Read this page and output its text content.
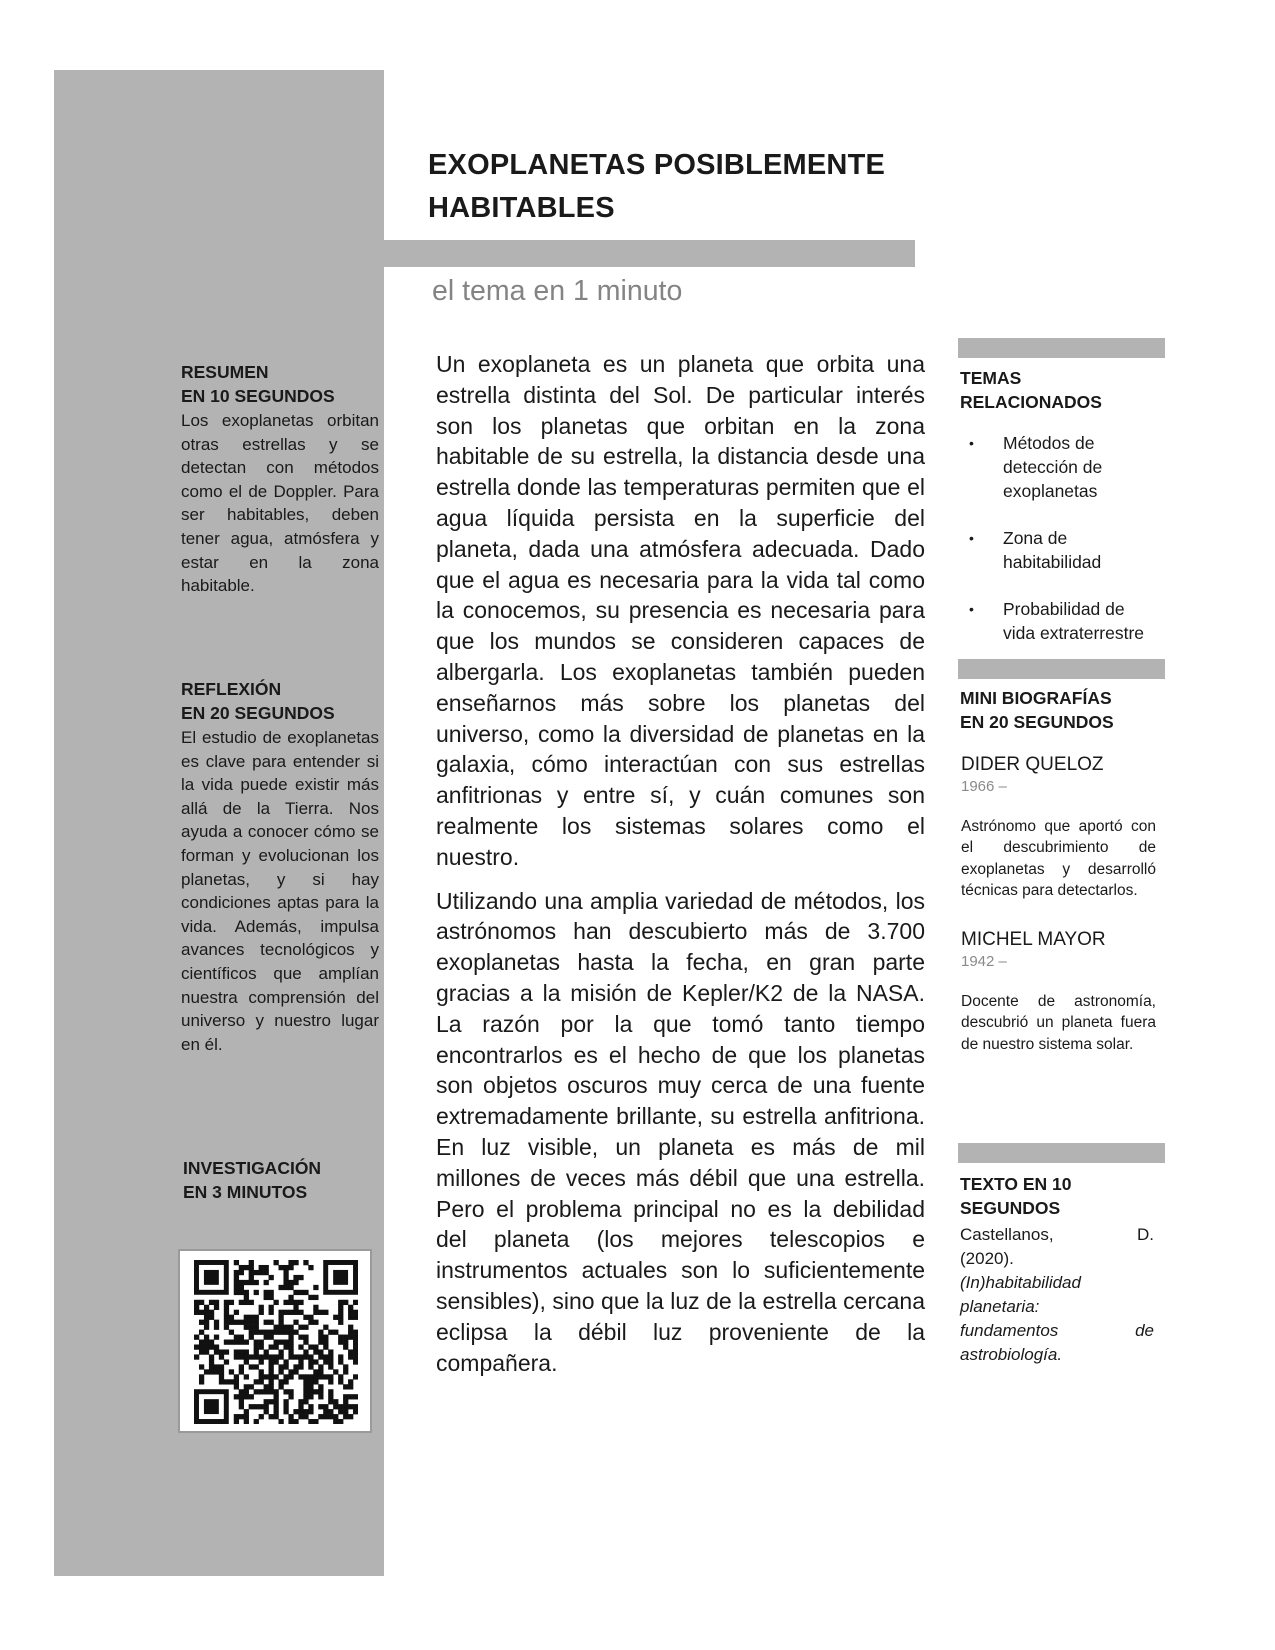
RESUMEN
EN 10 SEGUNDOS
Los exoplanetas orbitan otras estrellas y se detectan con métodos como el de Doppler. Para ser habitables, deben tener agua, atmósfera y estar en la zona habitable.
REFLEXIÓN
EN 20 SEGUNDOS
El estudio de exoplanetas es clave para entender si la vida puede existir más allá de la Tierra. Nos ayuda a conocer cómo se forman y evolucionan los planetas, y si hay condiciones aptas para la vida. Además, impulsa avances tecnológicos y científicos que amplían nuestra comprensión del universo y nuestro lugar en él.
INVESTIGACIÓN
EN 3 MINUTOS
EXOPLANETAS POSIBLEMENTE
HABITABLES
el tema en 1 minuto

Un exoplaneta es un planeta que orbita una estrella distinta del Sol. De particular interés son los planetas que orbitan en la zona habitable de su estrella, la distancia desde una estrella donde las temperaturas permiten que el agua líquida persista en la superficie del planeta, dada una atmósfera adecuada. Dado que el agua es necesaria para la vida tal como la conocemos, su presencia es necesaria para que los mundos se consideren capaces de albergarla. Los exoplanetas también pueden enseñarnos más sobre los planetas del universo, como la diversidad de planetas en la galaxia, cómo interactúan con sus estrellas anfitrionas y entre sí, y cuán comunes son realmente los sistemas solares como el nuestro.

Utilizando una amplia variedad de métodos, los astrónomos han descubierto más de 3.700 exoplanetas hasta la fecha, en gran parte gracias a la misión de Kepler/K2 de la NASA. La razón por la que tomó tanto tiempo encontrarlos es el hecho de que los planetas son objetos oscuros muy cerca de una fuente extremadamente brillante, su estrella anfitriona. En luz visible, un planeta es más de mil millones de veces más débil que una estrella. Pero el problema principal no es la debilidad del planeta (los mejores telescopios e instrumentos actuales son lo suficientemente sensibles), sino que la luz de la estrella cercana eclipsa la débil luz proveniente de la compañera.

TEMAS
RELACIONADOS
• Métodos de
detección de
exoplanetas
• Zona de
habitabilidad
• Probabilidad de
vida extraterrestre
MINI BIOGRAFÍAS
EN 20 SEGUNDOS
DIDER QUELOZ
1966 –
Astrónomo que aportó con el descubrimiento de exoplanetas y desarrolló técnicas para detectarlos.
MICHEL MAYOR
1942 –
Docente de astronomía, descubrió un planeta fuera de nuestro sistema solar.
TEXTO EN 10
SEGUNDOS
Castellanos,	D.
(2020).
(In)habitabilidad
planetaria:
fundamentos	de
astrobiología.
